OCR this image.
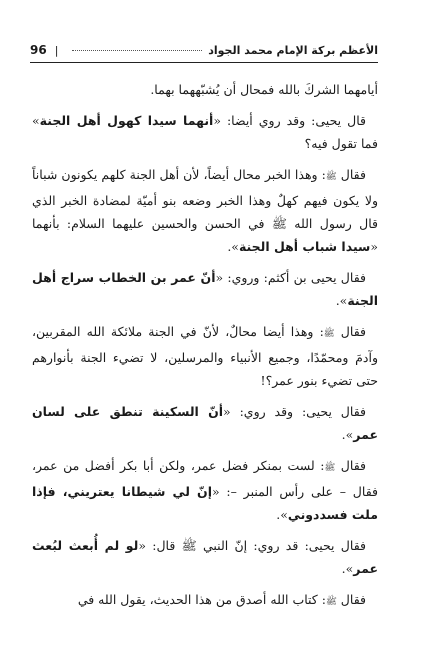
96 |	الأعظم بركة الإمام محمد الجواد

أيامهما الشركَ بالله فمحال أن يُشبّههما بهما.

قال يحيى: وقد روي أيضا: «أنهما سيدا كهول أهل الجنة» فما تقول فيه؟

فقال ﷺ: وهذا الخبر محال أيضاً، لأن أهل الجنة كلهم يكونون شباناً ولا يكون فيهم كهلٌ وهذا الخبر وضعه بنو أميّة لمضادة الخبر الذي قال رسول الله ﷺ في الحسن والحسين عليهما السلام: بأنهما «سيدا شباب أهل الجنة».

فقال يحيى بن أكثم: وروي: «أنّ عمر بن الخطاب سراج أهل الجنة».

فقال ﷺ: وهذا أيضا محالٌ، لأنّ في الجنة ملائكة الله المقربين، وآدمَ ومحمّدًا، وجميع الأنبياء والمرسلين، لا تضيء الجنة بأنوارهم حتى تضيء بنور عمر؟!

فقال يحيى: وقد روي: «أنّ السكينة تنطق على لسان عمر».

فقال ﷺ: لست بمنكر فضل عمر، ولكن أبا بكر أفضل من عمر، فقال – على رأس المنبر –: «إنّ لي شيطانا يعتريني، فإذا ملت فسددوني».

فقال يحيى: قد روي: إنّ النبي ﷺ قال: «لو لم أُبعث لبُعث عمر».

فقال ﷺ: كتاب الله أصدق من هذا الحديث، يقول الله في
